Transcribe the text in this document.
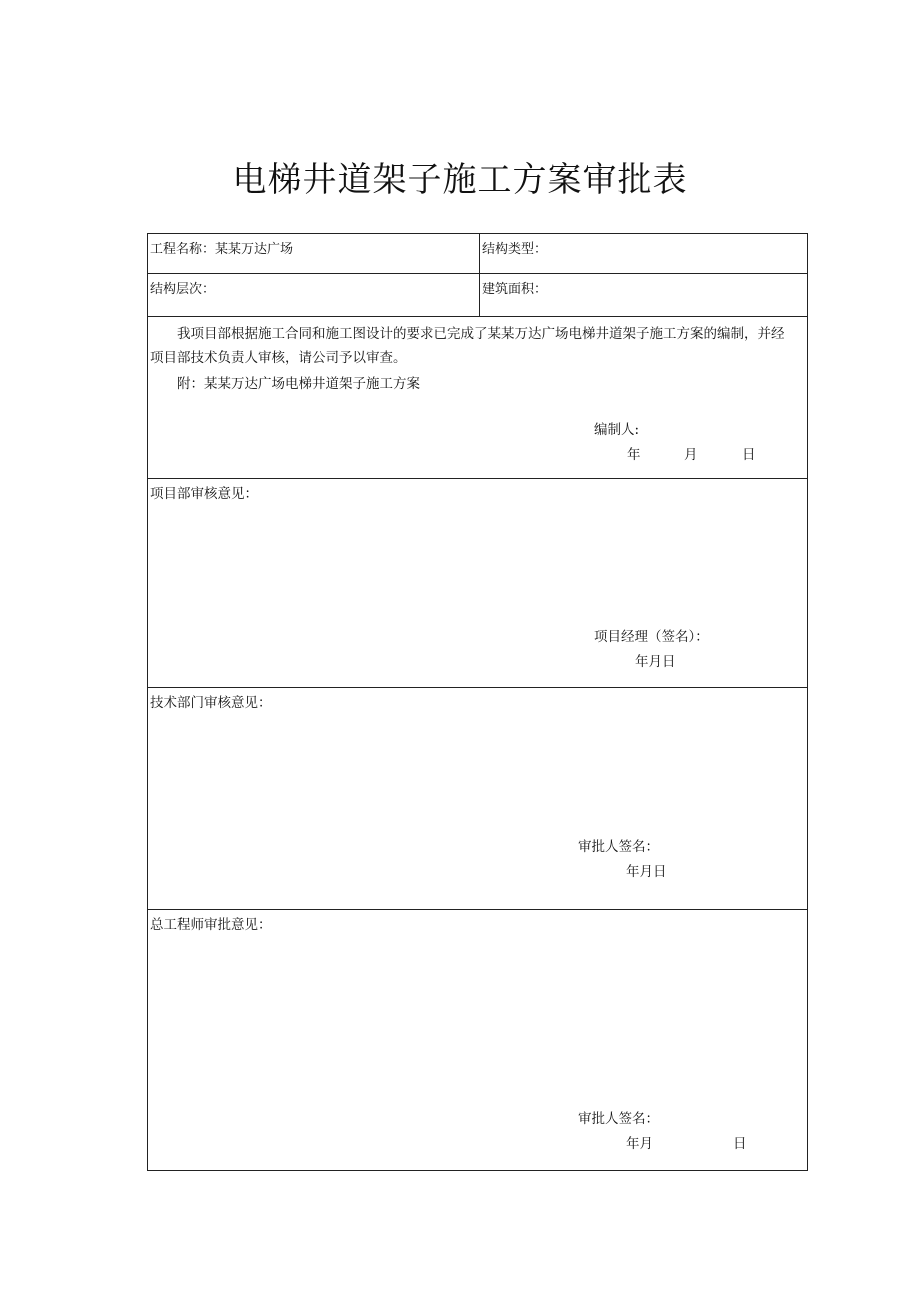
电梯井道架子施工方案审批表
工程名称：某某万达广场	结构类型：
结构层次：	建筑面积：
我项目部根据施工合同和施工图设计的要求已完成了某某万达广场电梯井道架子施工方案的编制，并经项目部技术负责人审核，请公司予以审查。
附：某某万达广场电梯井道架子施工方案
编制人:
年	月	日
项目部审核意见：
项目经理（签名）：
年月日
技术部门审核意见：
审批人签名：
年月日
总工程师审批意见：
审批人签名：
年月	日
